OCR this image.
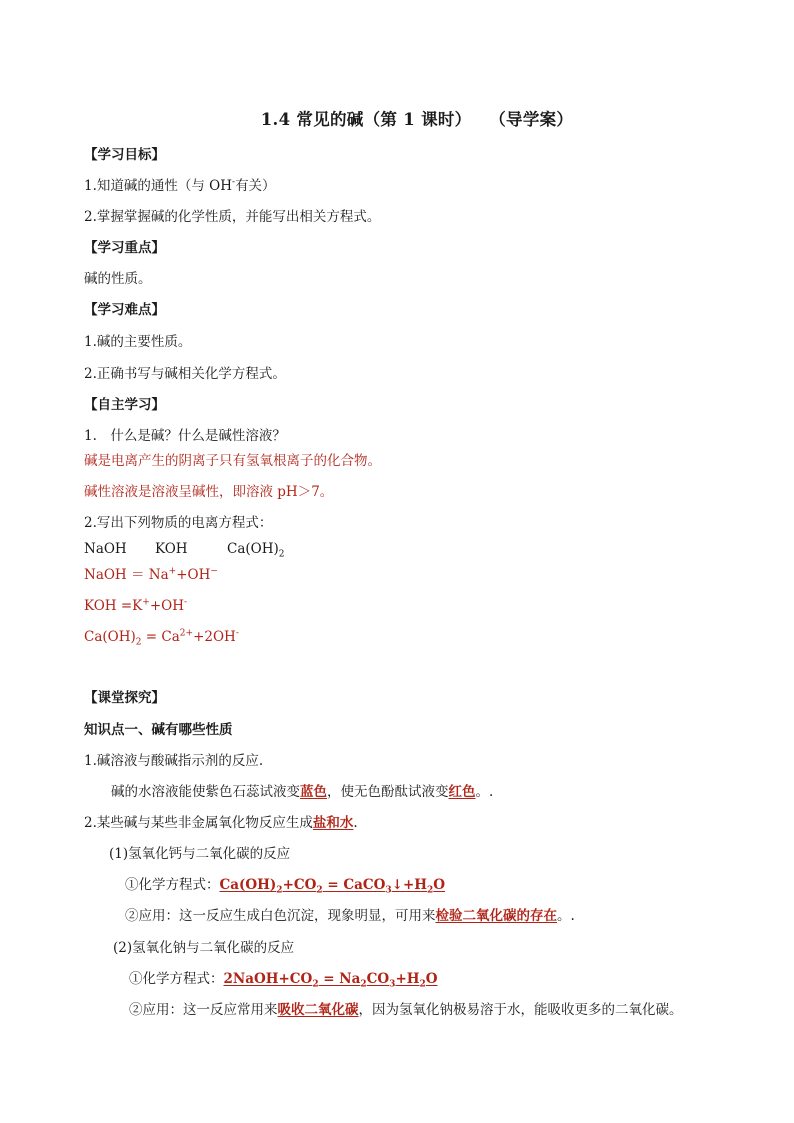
1.4 常见的碱（第 1 课时） （导学案）
【学习目标】
1.知道碱的通性（与 OH-有关）
2.掌握掌握碱的化学性质，并能写出相关方程式。
【学习重点】
碱的性质。
【学习难点】
1.碱的主要性质。
2.正确书写与碱相关化学方程式。
【自主学习】
1.　什么是碱？什么是碱性溶液？
碱是电离产生的阴离子只有氢氧根离子的化合物。
碱性溶液是溶液呈碱性，即溶液 pH＞7。
2.写出下列物质的电离方程式：
NaOH KOH	$Ca(OH)_2$
NaOH ＝ Na++OH−
KOH =K++OH-
$Ca(OH)_2 = Ca^{2+}+2OH^-$
【课堂探究】
知识点一、碱有哪些性质
1.碱溶液与酸碱指示剂的反应.
碱的水溶液能使紫色石蕊试液变蓝色，使无色酚酞试液变红色。.
2.某些碱与某些非金属氧化物反应生成盐和水.
(1)氢氧化钙与二氧化碳的反应
①化学方程式：$Ca(OH)_2+CO_2$ = $CaCO_3↓+H_2O$
②应用：这一反应生成白色沉淀，现象明显，可用来检验二氧化碳的存在。.
(2)氢氧化钠与二氧化碳的反应
①化学方程式：$2NaOH+CO_2 = Na_2CO_3+H_2O$
②应用：这一反应常用来吸收二氧化碳，因为氢氧化钠极易溶于水，能吸收更多的二氧化碳。
